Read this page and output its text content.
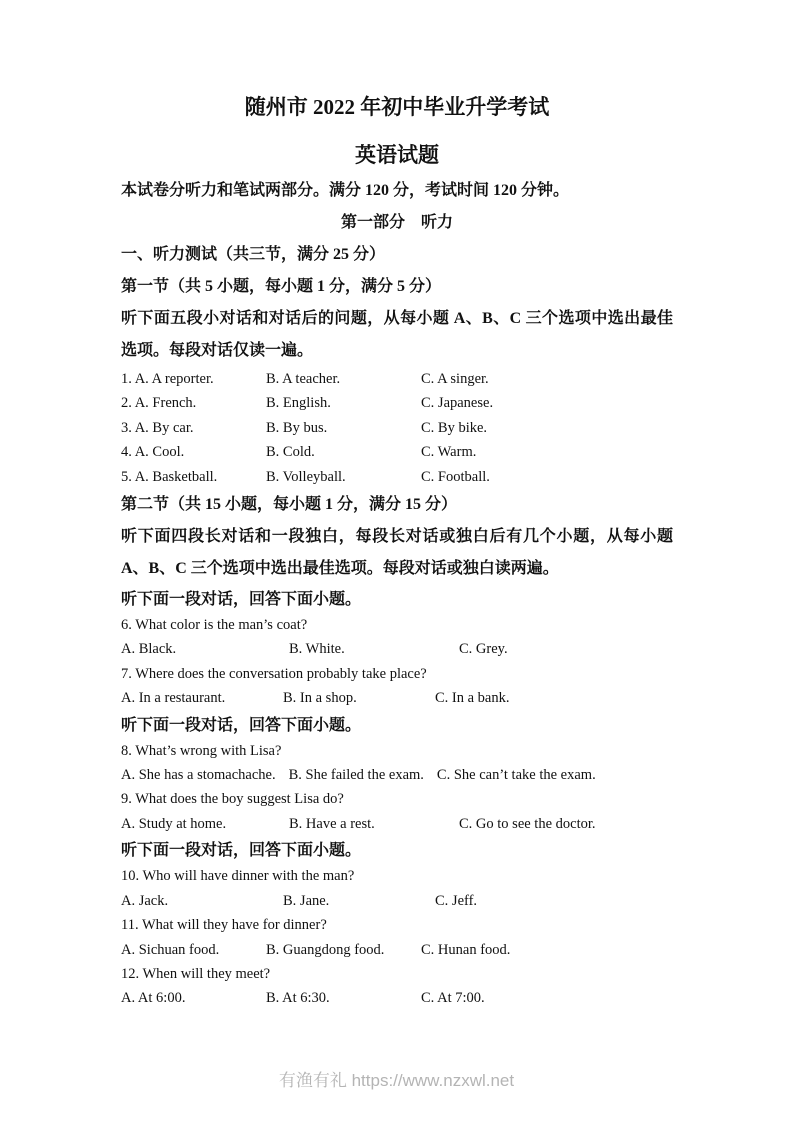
随州市 2022 年初中毕业升学考试
英语试题

本试卷分听力和笔试两部分。满分 120 分，考试时间 120 分钟。

第一部分　听力

一、听力测试（共三节，满分 25 分）

第一节（共 5 小题，每小题 1 分，满分 5 分）

听下面五段小对话和对话后的问题，从每小题 A、B、C 三个选项中选出最佳选项。每段对话仅读一遍。

1. A. A reporter.	B. A teacher.	C. A singer.
2. A. French.	B. English.	C. Japanese.
3. A. By car.	B. By bus.	C. By bike.
4. A. Cool.	B. Cold.	C. Warm.
5. A. Basketball.	B. Volleyball.	C. Football.

第二节（共 15 小题，每小题 1 分，满分 15 分）

听下面四段长对话和一段独白，每段长对话或独白后有几个小题，从每小题 A、B、C 三个选项中选出最佳选项。每段对话或独白读两遍。

听下面一段对话，回答下面小题。

6. What color is the man’s coat?

A. Black.	B. White.	C. Grey.

7. Where does the conversation probably take place?

A. In a restaurant.	B. In a shop.	C. In a bank.

听下面一段对话，回答下面小题。

8. What’s wrong with Lisa?

A. She has a stomachache. B. She failed the exam. C. She can’t take the exam.

9. What does the boy suggest Lisa do?

A. Study at home.	B. Have a rest.	C. Go to see the doctor.

听下面一段对话，回答下面小题。

10. Who will have dinner with the man?

A. Jack.	B. Jane.	C. Jeff.

11. What will they have for dinner?

A. Sichuan food.	B. Guangdong food.	C. Hunan food.

12. When will they meet?

A. At 6:00.	B. At 6:30.	C. At 7:00.
有渔有礼 https://www.nzxwl.net
